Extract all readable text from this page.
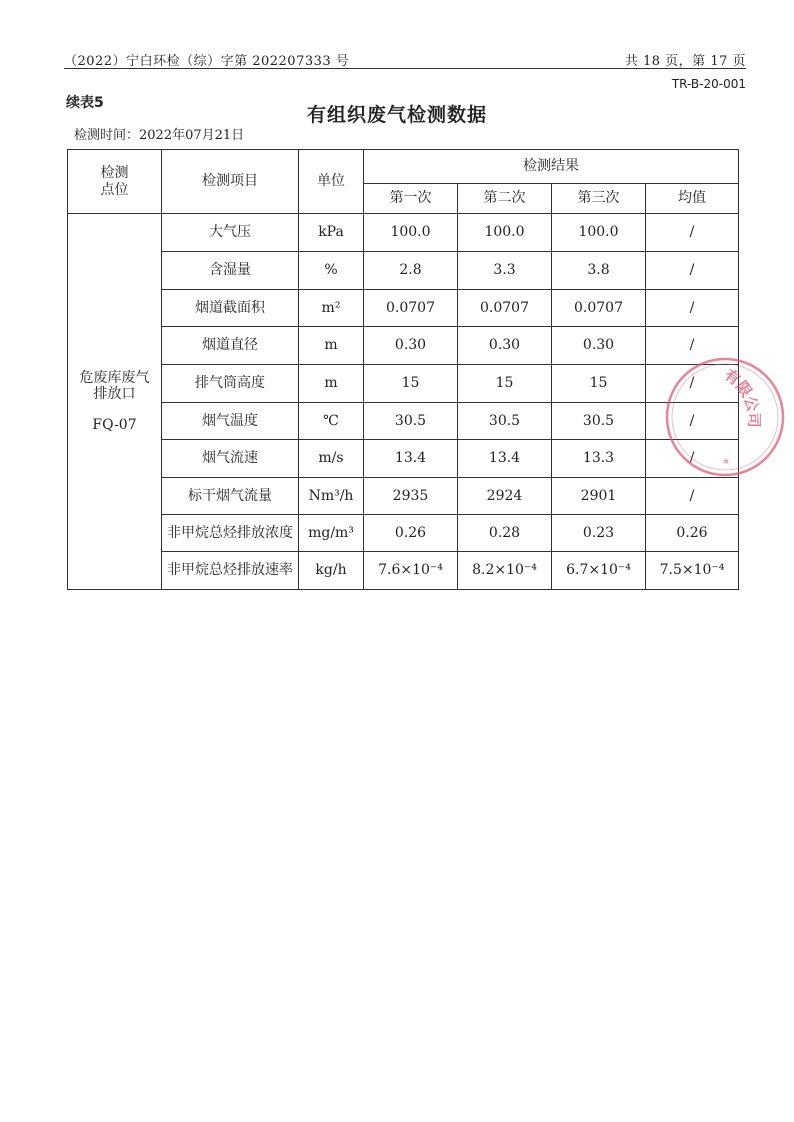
（2022）宁白环检（综）字第 202207333 号	共 18 页，第 17 页
TR-B-20-001
续表5
有组织废气检测数据
检测时间：2022年07月21日
检测
点位	检测项目	单位	检测结果			
			第一次	第二次	第三次	均值

危废库废气
排放口
FQ-07	大气压	kPa	100.0	100.0	100.0	/
	含湿量	%	2.8	3.3	3.8	/
	烟道截面积	m²	0.0707	0.0707	0.0707	/
	烟道直径	m	0.30	0.30	0.30	/
	排气筒高度	m	15	15	15	/
	烟气温度	℃	30.5	30.5	30.5	/
	烟气流速	m/s	13.4	13.4	13.3	/
	标干烟气流量	Nm³/h	2935	2924	2901	/
	非甲烷总烃排放浓度	mg/m³	0.26	0.28	0.23	0.26
	非甲烷总烃排放速率	kg/h	7.6×10⁻⁴	8.2×10⁻⁴	6.7×10⁻⁴	7.5×10⁻⁴
有限公司
★
